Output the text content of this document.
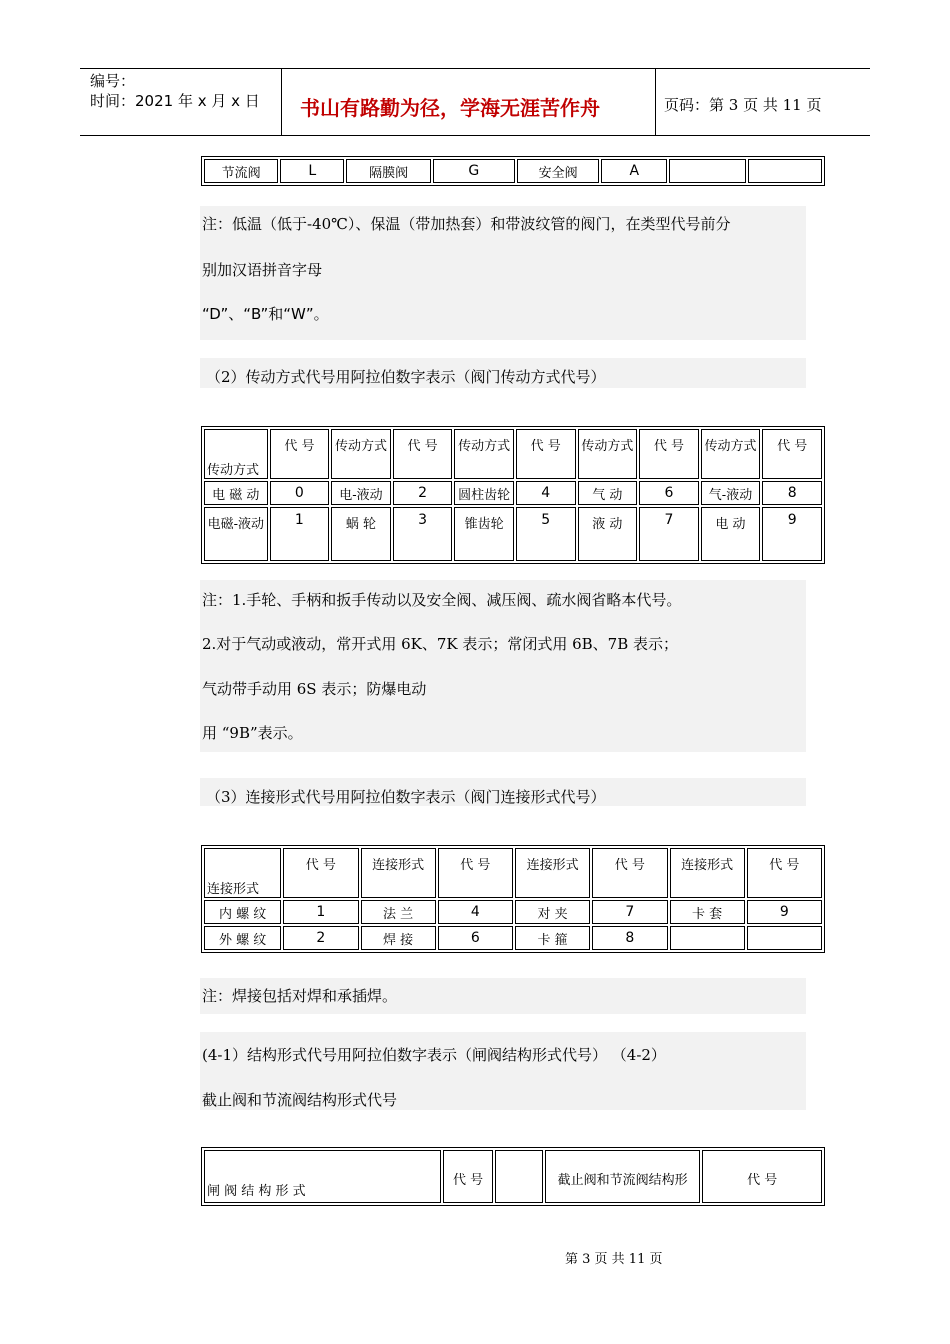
编号：
时间：2021 年 x 月 x 日 书山有路勤为径，学海无涯苦作舟	页码：第 3 页 共 11 页
节流阀	L	隔膜阀	G	安全阀	A		
注：低温（低于-40℃）、保温（带加热套）和带波纹管的阀门，在类型代号前分
别加汉语拼音字母
“D”、“B”和“W”。
（2）传动方式代号用阿拉伯数字表示（阀门传动方式代号）
传动方式	代 号	传动方式	代 号	传动方式	代 号	传动方式	代 号	传动方式	代 号
电 磁 动	0	电-液动	2	圆柱齿轮	4	气 动	6	气-液动	8
电磁-液动	1	蜗 轮	3	锥齿轮	5	液 动	7	电 动	9
注：1.手轮、手柄和扳手传动以及安全阀、减压阀、疏水阀省略本代号。
2.对于气动或液动，常开式用 6K、7K 表示；常闭式用 6B、7B 表示；
气动带手动用 6S 表示；防爆电动
用 “9B”表示。
（3）连接形式代号用阿拉伯数字表示（阀门连接形式代号）
连接形式	代 号	连接形式	代 号	连接形式	代 号	连接形式	代 号
内 螺 纹	1	法 兰	4	对 夹	7	卡 套	9
外 螺 纹	2	焊 接	6	卡 箍	8		
注：焊接包括对焊和承插焊。
(4-1）结构形式代号用阿拉伯数字表示（闸阀结构形式代号） （4-2）
截止阀和节流阀结构形式代号
闸 阀 结 构 形 式	代 号		截止阀和节流阀结构形	代 号
第 3 页 共 11 页
